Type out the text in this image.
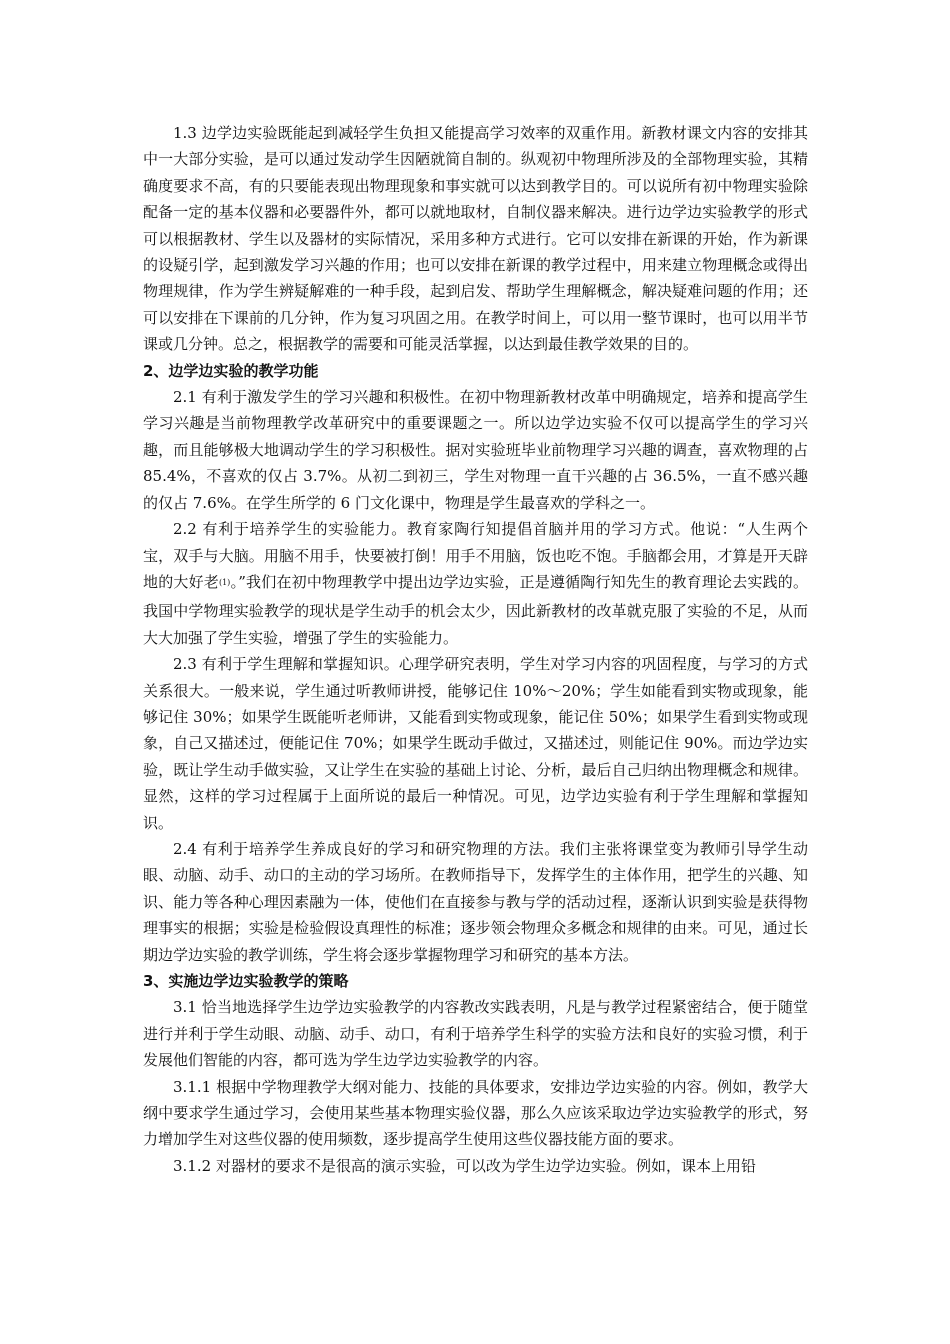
1.3 边学边实验既能起到减轻学生负担又能提高学习效率的双重作用。新教材课文内容的安排其中一大部分实验，是可以通过发动学生因陋就简自制的。纵观初中物理所涉及的全部物理实验，其精确度要求不高，有的只要能表现出物理现象和事实就可以达到教学目的。可以说所有初中物理实验除配备一定的基本仪器和必要器件外，都可以就地取材，自制仪器来解决。进行边学边实验教学的形式可以根据教材、学生以及器材的实际情况，采用多种方式进行。它可以安排在新课的开始，作为新课的设疑引学，起到激发学习兴趣的作用；也可以安排在新课的教学过程中，用来建立物理概念或得出物理规律，作为学生辨疑解难的一种手段，起到启发、帮助学生理解概念，解决疑难问题的作用；还可以安排在下课前的几分钟，作为复习巩固之用。在教学时间上，可以用一整节课时，也可以用半节课或几分钟。总之，根据教学的需要和可能灵活掌握，以达到最佳教学效果的目的。

2、边学边实验的教学功能

2.1 有利于激发学生的学习兴趣和积极性。在初中物理新教材改革中明确规定，培养和提高学生学习兴趣是当前物理教学改革研究中的重要课题之一。所以边学边实验不仅可以提高学生的学习兴趣，而且能够极大地调动学生的学习积极性。据对实验班毕业前物理学习兴趣的调查，喜欢物理的占 85.4%，不喜欢的仅占 3.7%。从初二到初三，学生对物理一直干兴趣的占 36.5%，一直不感兴趣的仅占 7.6%。在学生所学的 6 门文化课中，物理是学生最喜欢的学科之一。

2.2 有利于培养学生的实验能力。教育家陶行知提倡首脑并用的学习方式。他说：“人生两个宝，双手与大脑。用脑不用手，快要被打倒！用手不用脑，饭也吃不饱。手脑都会用，才算是开天辟地的大好老$^{(1)}$。”我们在初中物理教学中提出边学边实验，正是遵循陶行知先生的教育理论去实践的。我国中学物理实验教学的现状是学生动手的机会太少，因此新教材的改革就克服了实验的不足，从而大大加强了学生实验，增强了学生的实验能力。

2.3 有利于学生理解和掌握知识。心理学研究表明，学生对学习内容的巩固程度，与学习的方式关系很大。一般来说，学生通过听教师讲授，能够记住 10%～20%；学生如能看到实物或现象，能够记住 30%；如果学生既能听老师讲，又能看到实物或现象，能记住 50%；如果学生看到实物或现象，自己又描述过，便能记住 70%；如果学生既动手做过，又描述过，则能记住 90%。而边学边实验，既让学生动手做实验，又让学生在实验的基础上讨论、分析，最后自己归纳出物理概念和规律。显然，这样的学习过程属于上面所说的最后一种情况。可见，边学边实验有利于学生理解和掌握知识。

2.4 有利于培养学生养成良好的学习和研究物理的方法。我们主张将课堂变为教师引导学生动眼、动脑、动手、动口的主动的学习场所。在教师指导下，发挥学生的主体作用，把学生的兴趣、知识、能力等各种心理因素融为一体，使他们在直接参与教与学的活动过程，逐渐认识到实验是获得物理事实的根据；实验是检验假设真理性的标准；逐步领会物理众多概念和规律的由来。可见，通过长期边学边实验的教学训练，学生将会逐步掌握物理学习和研究的基本方法。

3、实施边学边实验教学的策略

3.1 恰当地选择学生边学边实验教学的内容教改实践表明，凡是与教学过程紧密结合，便于随堂进行并利于学生动眼、动脑、动手、动口，有利于培养学生科学的实验方法和良好的实验习惯，利于发展他们智能的内容，都可选为学生边学边实验教学的内容。

3.1.1 根据中学物理教学大纲对能力、技能的具体要求，安排边学边实验的内容。例如，教学大纲中要求学生通过学习，会使用某些基本物理实验仪器，那么久应该采取边学边实验教学的形式，努力增加学生对这些仪器的使用频数，逐步提高学生使用这些仪器技能方面的要求。

3.1.2 对器材的要求不是很高的演示实验，可以改为学生边学边实验。例如，课本上用铅
